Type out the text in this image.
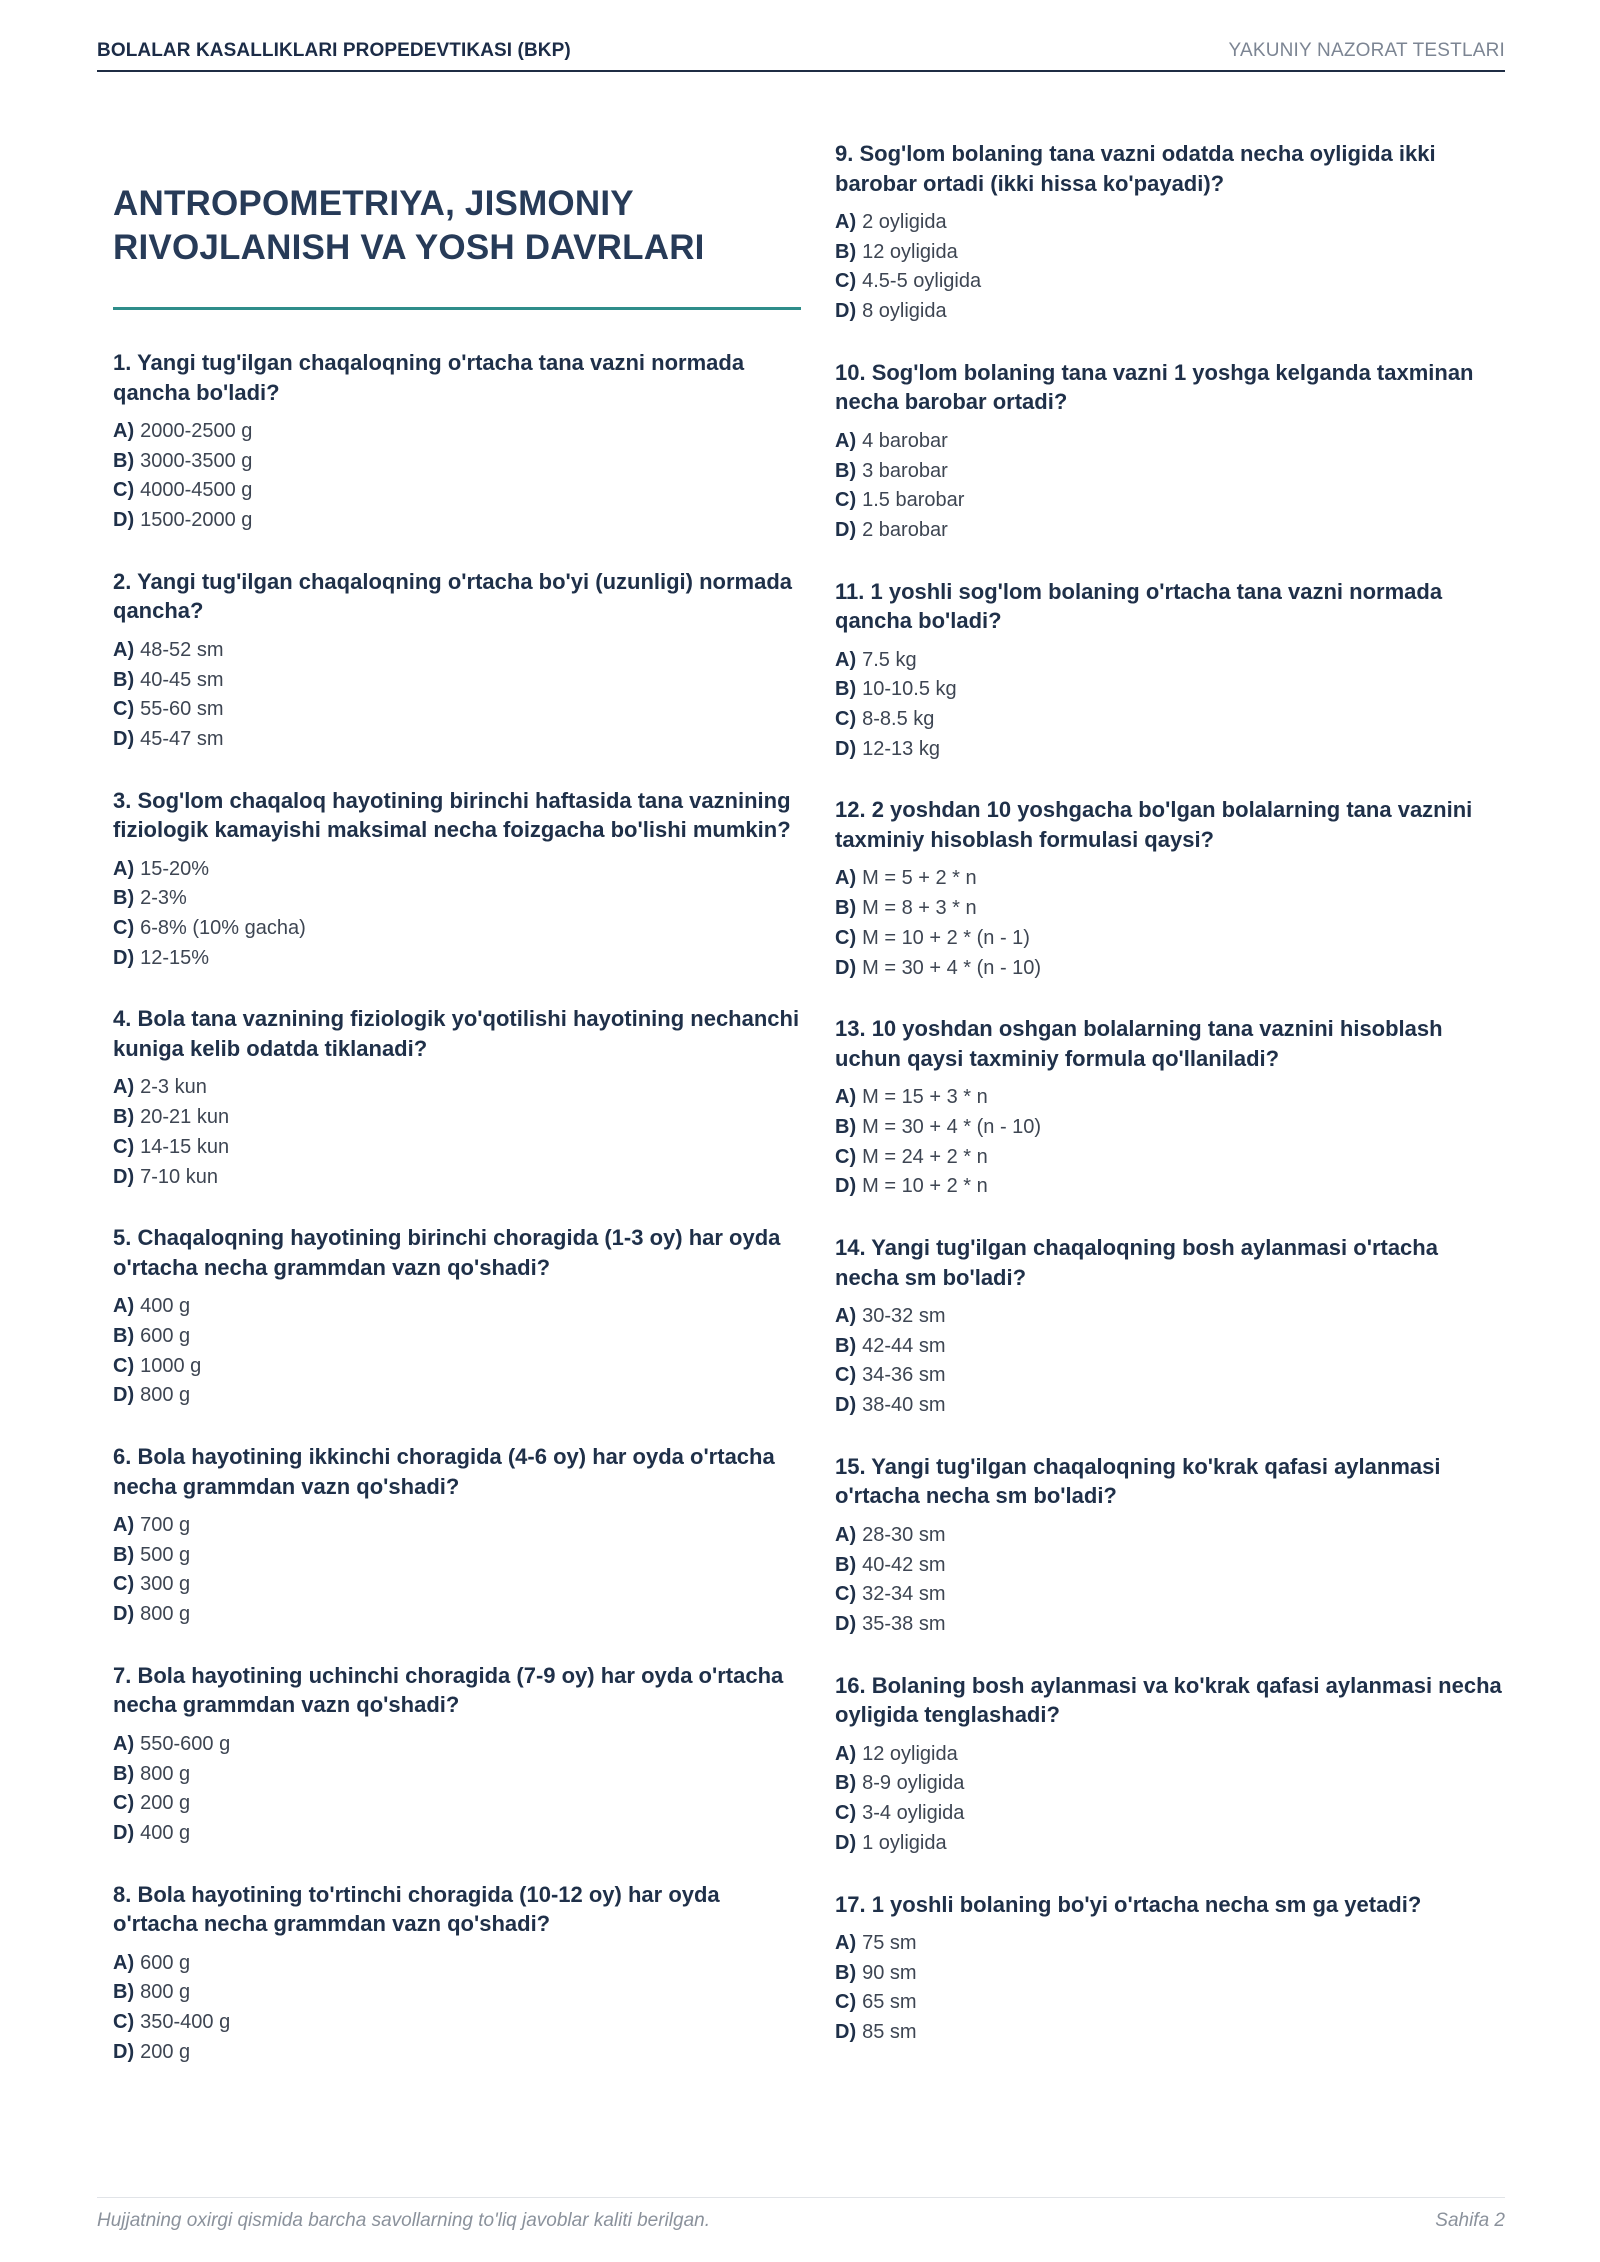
BOLALAR KASALLIKLARI PROPEDEVTIKASI (BKP)	YAKUNIY NAZORAT TESTLARI
ANTROPOMETRIYA, JISMONIY
RIVOJLANISH VA YOSH DAVRLARI

1. Yangi tug'ilgan chaqaloqning o'rtacha tana vazni normada qancha bo'ladi?

A) 2000-2500 g
B) 3000-3500 g
C) 4000-4500 g
D) 1500-2000 g

2. Yangi tug'ilgan chaqaloqning o'rtacha bo'yi (uzunligi) normada qancha?

A) 48-52 sm
B) 40-45 sm
C) 55-60 sm
D) 45-47 sm

3. Sog'lom chaqaloq hayotining birinchi haftasida tana vaznining fiziologik kamayishi maksimal necha foizgacha bo'lishi mumkin?

A) 15-20%
B) 2-3%
C) 6-8% (10% gacha)
D) 12-15%

4. Bola tana vaznining fiziologik yo'qotilishi hayotining nechanchi kuniga kelib odatda tiklanadi?

A) 2-3 kun
B) 20-21 kun
C) 14-15 kun
D) 7-10 kun

5. Chaqaloqning hayotining birinchi choragida (1-3 oy) har oyda o'rtacha necha grammdan vazn qo'shadi?

A) 400 g
B) 600 g
C) 1000 g
D) 800 g

6. Bola hayotining ikkinchi choragida (4-6 oy) har oyda o'rtacha necha grammdan vazn qo'shadi?

A) 700 g
B) 500 g
C) 300 g
D) 800 g

7. Bola hayotining uchinchi choragida (7-9 oy) har oyda o'rtacha necha grammdan vazn qo'shadi?

A) 550-600 g
B) 800 g
C) 200 g
D) 400 g

8. Bola hayotining to'rtinchi choragida (10-12 oy) har oyda o'rtacha necha grammdan vazn qo'shadi?

A) 600 g
B) 800 g
C) 350-400 g
D) 200 g

9. Sog'lom bolaning tana vazni odatda necha oyligida ikki barobar ortadi (ikki hissa ko'payadi)?

A) 2 oyligida
B) 12 oyligida
C) 4.5-5 oyligida
D) 8 oyligida

10. Sog'lom bolaning tana vazni 1 yoshga kelganda taxminan necha barobar ortadi?

A) 4 barobar
B) 3 barobar
C) 1.5 barobar
D) 2 barobar

11. 1 yoshli sog'lom bolaning o'rtacha tana vazni normada qancha bo'ladi?

A) 7.5 kg
B) 10-10.5 kg
C) 8-8.5 kg
D) 12-13 kg

12. 2 yoshdan 10 yoshgacha bo'lgan bolalarning tana vaznini taxminiy hisoblash formulasi qaysi?

A) M = 5 + 2 * n
B) M = 8 + 3 * n
C) M = 10 + 2 * (n - 1)
D) M = 30 + 4 * (n - 10)

13. 10 yoshdan oshgan bolalarning tana vaznini hisoblash uchun qaysi taxminiy formula qo'llaniladi?

A) M = 15 + 3 * n
B) M = 30 + 4 * (n - 10)
C) M = 24 + 2 * n
D) M = 10 + 2 * n

14. Yangi tug'ilgan chaqaloqning bosh aylanmasi o'rtacha necha sm bo'ladi?

A) 30-32 sm
B) 42-44 sm
C) 34-36 sm
D) 38-40 sm

15. Yangi tug'ilgan chaqaloqning ko'krak qafasi aylanmasi o'rtacha necha sm bo'ladi?

A) 28-30 sm
B) 40-42 sm
C) 32-34 sm
D) 35-38 sm

16. Bolaning bosh aylanmasi va ko'krak qafasi aylanmasi necha oyligida tenglashadi?

A) 12 oyligida
B) 8-9 oyligida
C) 3-4 oyligida
D) 1 oyligida

17. 1 yoshli bolaning bo'yi o'rtacha necha sm ga yetadi?

A) 75 sm
B) 90 sm
C) 65 sm
D) 85 sm
Hujjatning oxirgi qismida barcha savollarning to'liq javoblar kaliti berilgan.	Sahifa 2
